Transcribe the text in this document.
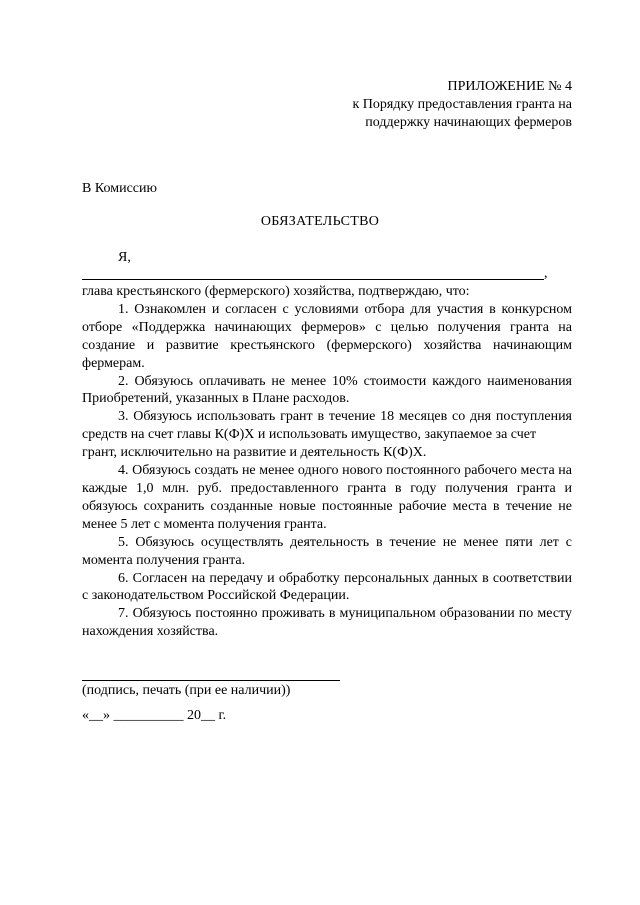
ПРИЛОЖЕНИЕ № 4
к Порядку предоставления гранта на
поддержку начинающих фермеров
В Комиссию
ОБЯЗАТЕЛЬСТВО
Я,
,

глава крестьянского (фермерского) хозяйства, подтверждаю, что:

1. Ознакомлен и согласен с условиями отбора для участия в конкурсном отборе «Поддержка начинающих фермеров» с целью получения гранта на создание и развитие крестьянского (фермерского) хозяйства начинающим фермерам.

2. Обязуюсь оплачивать не менее 10% стоимости каждого наименования Приобретений, указанных в Плане расходов.

3. Обязуюсь использовать грант в течение 18 месяцев со дня поступления средств на счет главы К(Ф)Х и использовать имущество, закупаемое за счет

грант, исключительно на развитие и деятельность К(Ф)Х.

4. Обязуюсь создать не менее одного нового постоянного рабочего места на каждые 1,0 млн. руб. предоставленного гранта в году получения гранта и обязуюсь сохранить созданные новые постоянные рабочие места в течение не менее 5 лет с момента получения гранта.

5. Обязуюсь осуществлять деятельность в течение не менее пяти лет с момента получения гранта.

6. Согласен на передачу и обработку персональных данных в соответствии с законодательством Российской Федерации.

7. Обязуюсь постоянно проживать в муниципальном образовании по месту нахождения хозяйства.

(подпись, печать (при ее наличии))
«__» __________ 20__ г.
